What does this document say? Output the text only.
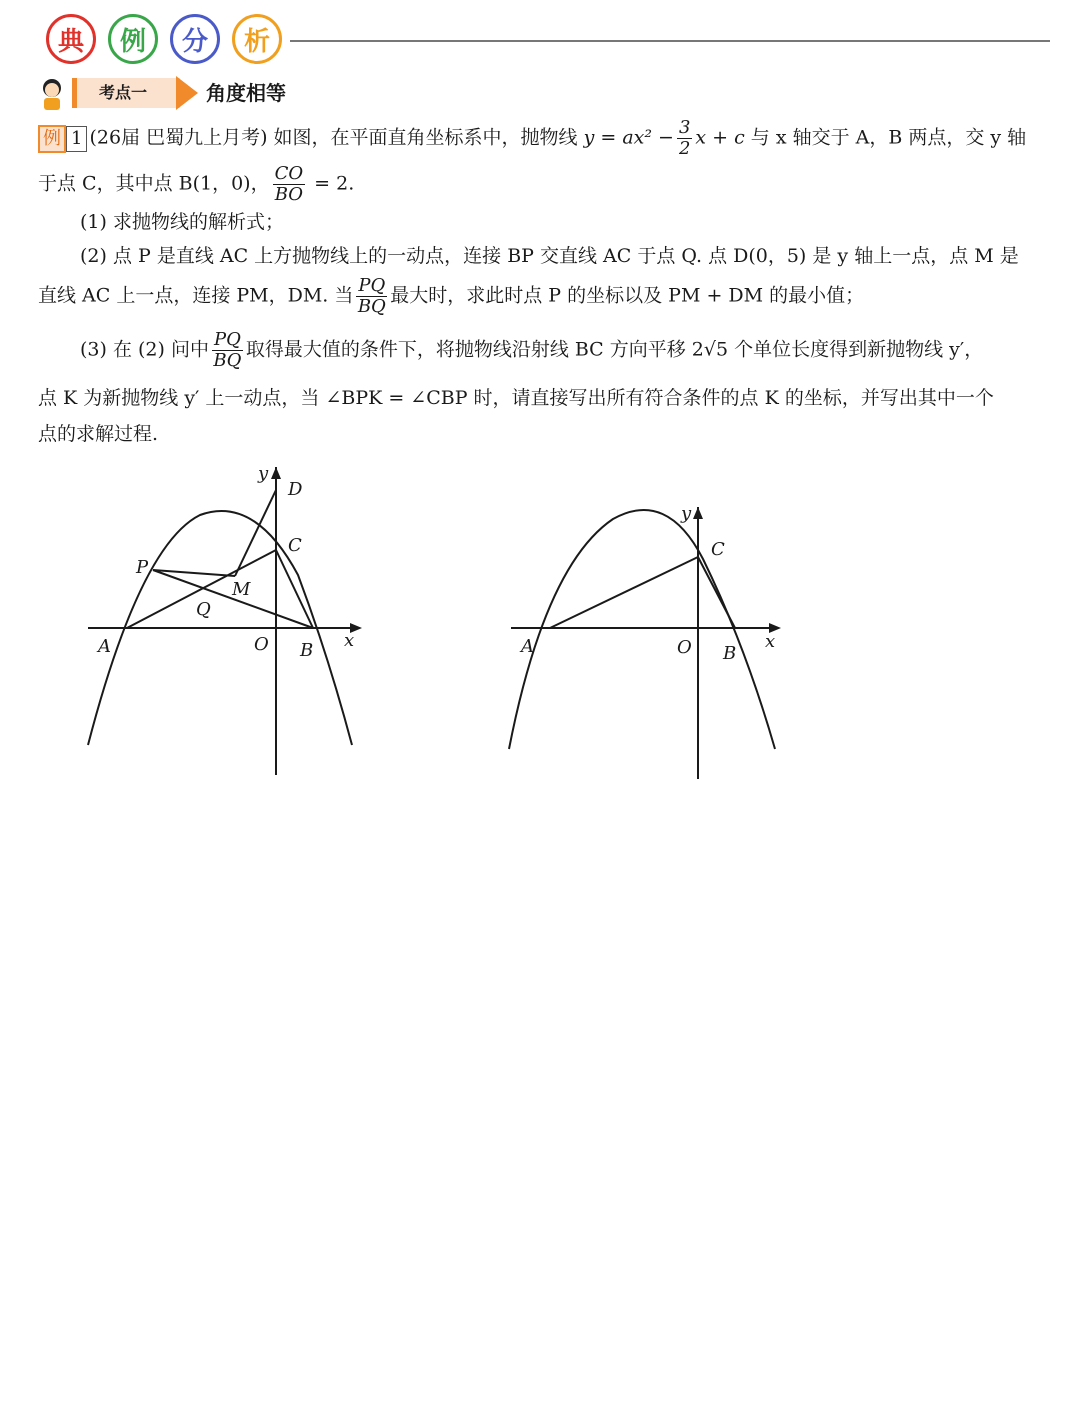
典	例	分	析
考点一	角度相等
例 1 (26届 巴蜀九上月考) 如图，在平面直角坐标系中，抛物线 $y = ax^2 - \frac{3}{2}$ x + c 与 x 轴交于 A，B 两点，交 y 轴
于点 C，其中点 B(1，0)， $\frac{CO}{BO} = 2$.
(1) 求抛物线的解析式；
(2) 点 P 是直线 AC 上方抛物线上的一动点，连接 BP 交直线 AC 于点 Q. 点 D(0，5) 是 y 轴上一点，点 M 是
直线 AC 上一点，连接 PM，DM. 当 $\frac{PQ}{BQ}$ 最大时，求此时点 P 的坐标以及 PM + DM 的最小值；
(3) 在 (2) 问中 $\frac{PQ}{BQ}$ 取得最大值的条件下，将抛物线沿射线 BC 方向平移 2√5 个单位长度得到新抛物线 y′，
点 K 为新抛物线 y′ 上一动点，当 ∠BPK = ∠CBP 时，请直接写出所有符合条件的点 K 的坐标，并写出其中一个
点的求解过程.
y
x
D
C
P
M
Q
A	O B
y
x
C
A	O B
